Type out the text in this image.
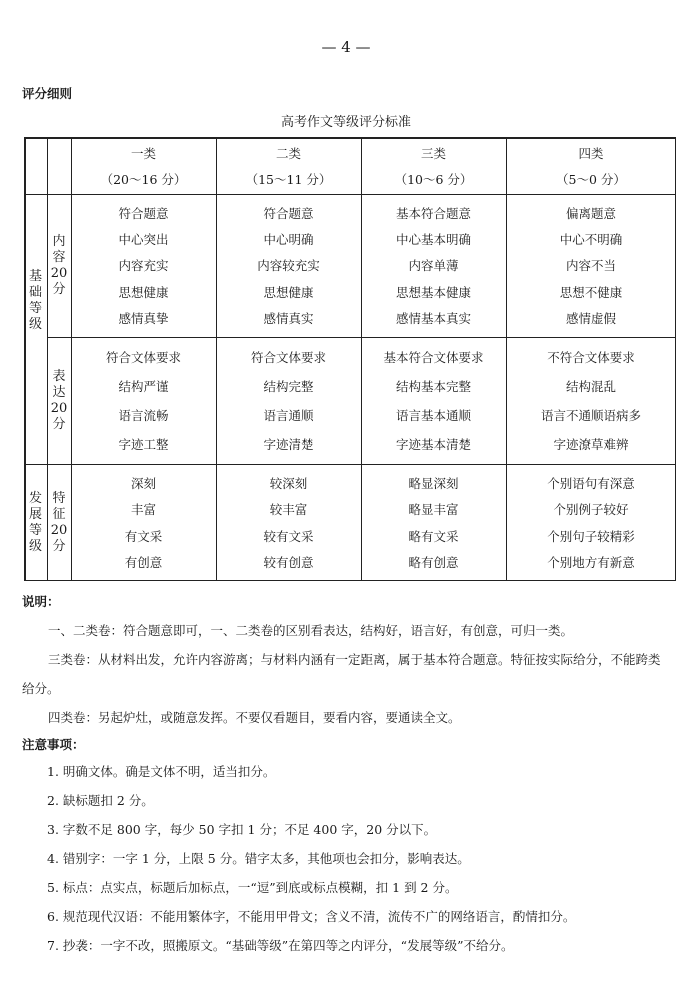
— 4 —
评分细则
高考作文等级评分标准
一类
（20～16 分）
二类
（15～11 分）
三类
（10～6 分）
四类
（5～0 分）
基
础
等
级
发
展
等
级
内
容
20
分
符合题意
中心突出
内容充实
思想健康
感情真挚
符合题意
中心明确
内容较充实
思想健康
感情真实
基本符合题意
中心基本明确
内容单薄
思想基本健康
感情基本真实
偏离题意
中心不明确
内容不当
思想不健康
感情虚假
表
达
20
分
符合文体要求
结构严谨
语言流畅
字迹工整
符合文体要求
结构完整
语言通顺
字迹清楚
基本符合文体要求
结构基本完整
语言基本通顺
字迹基本清楚
不符合文体要求
结构混乱
语言不通顺语病多
字迹潦草难辨
特
征
20
分
深刻
丰富
有文采
有创意
较深刻
较丰富
较有文采
较有创意
略显深刻
略显丰富
略有文采
略有创意
个别语句有深意
个别例子较好
个别句子较精彩
个别地方有新意
说明：
一、二类卷：符合题意即可，一、二类卷的区别看表达，结构好，语言好，有创意，可归一类。
三类卷：从材料出发，允许内容游离；与材料内涵有一定距离，属于基本符合题意。特征按实际给分，不能跨类给分。
四类卷：另起炉灶，或随意发挥。不要仅看题目，要看内容，要通读全文。
注意事项：
1. 明确文体。确是文体不明，适当扣分。
2. 缺标题扣 2 分。
3. 字数不足 800 字，每少 50 字扣 1 分；不足 400 字，20 分以下。
4. 错别字：一字 1 分，上限 5 分。错字太多，其他项也会扣分，影响表达。
5. 标点：点实点，标题后加标点，一“逗”到底或标点模糊，扣 1 到 2 分。
6. 规范现代汉语：不能用繁体字，不能用甲骨文；含义不清，流传不广的网络语言，酌情扣分。
7. 抄袭：一字不改，照搬原文。“基础等级”在第四等之内评分，“发展等级”不给分。
